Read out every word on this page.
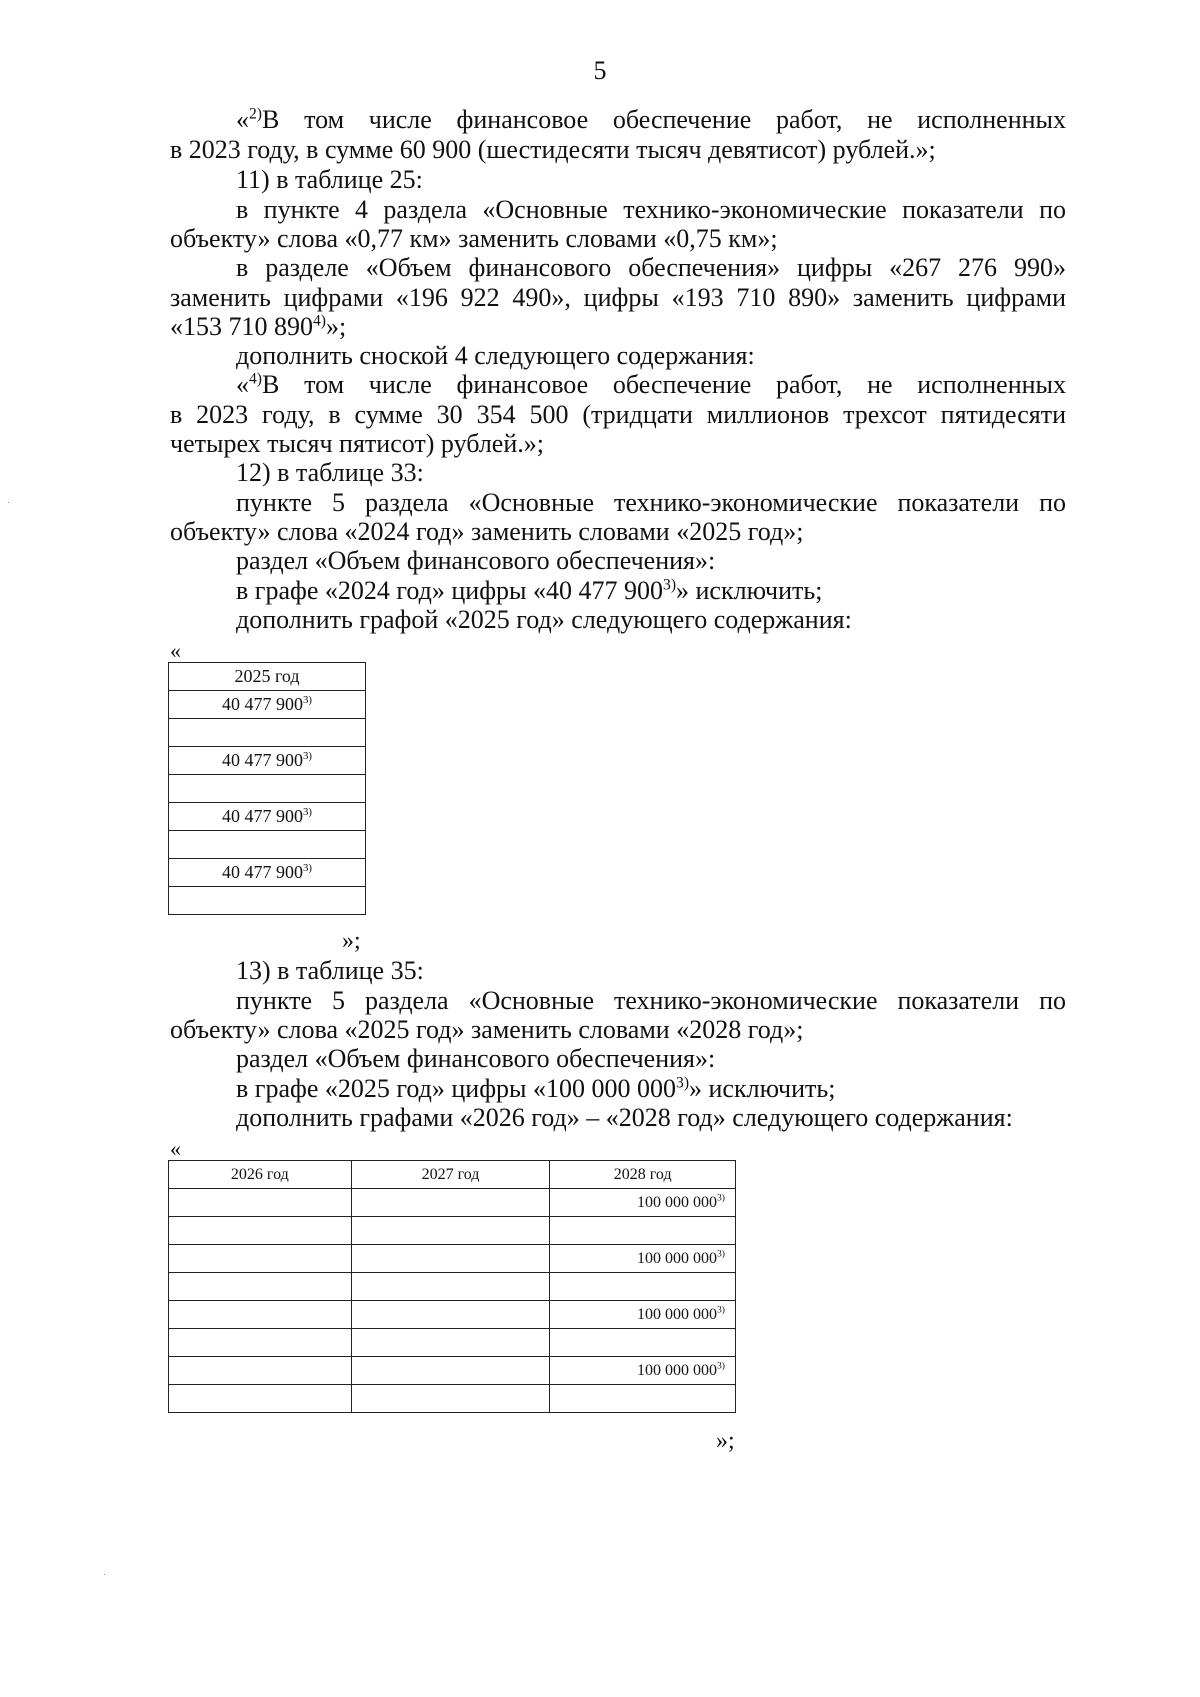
5
«$^{2)}$В том числе финансовое обеспечение работ, не исполненных
в 2023 году, в сумме 60 900 (шестидесяти тысяч девятисот) рублей.»;
11) в таблице 25:
в пункте 4 раздела «Основные технико-экономические показатели по
объекту» слова «0,77 км» заменить словами «0,75 км»;
в разделе «Объем финансового обеспечения» цифры «267 276 990»
заменить цифрами «196 922 490», цифры «193 710 890» заменить цифрами
«153 710 890$^{4)}$»;
дополнить сноской 4 следующего содержания:
«$^{4)}$В том числе финансовое обеспечение работ, не исполненных
в 2023 году, в сумме 30 354 500 (тридцати миллионов трехсот пятидесяти
четырех тысяч пятисот) рублей.»;
12) в таблице 33:
пункте 5 раздела «Основные технико-экономические показатели по
объекту» слова «2024 год» заменить словами «2025 год»;
раздел «Объем финансового обеспечения»:
в графе «2024 год» цифры «40 477 900$^{3)}$» исключить;
дополнить графой «2025 год» следующего содержания:
«
2025 год
40 477 900$^{3)}$

40 477 900$^{3)}$

40 477 900$^{3)}$

40 477 900$^{3)}$

»;
13) в таблице 35:
пункте 5 раздела «Основные технико-экономические показатели по
объекту» слова «2025 год» заменить словами «2028 год»;
раздел «Объем финансового обеспечения»:
в графе «2025 год» цифры «100 000 000$^{3)}$» исключить;
дополнить графами «2026 год» – «2028 год» следующего содержания:
«
2026 год	2027 год	2028 год
		100 000 000$^{3)}$

		100 000 000$^{3)}$

		100 000 000$^{3)}$

		100 000 000$^{3)}$

»;
